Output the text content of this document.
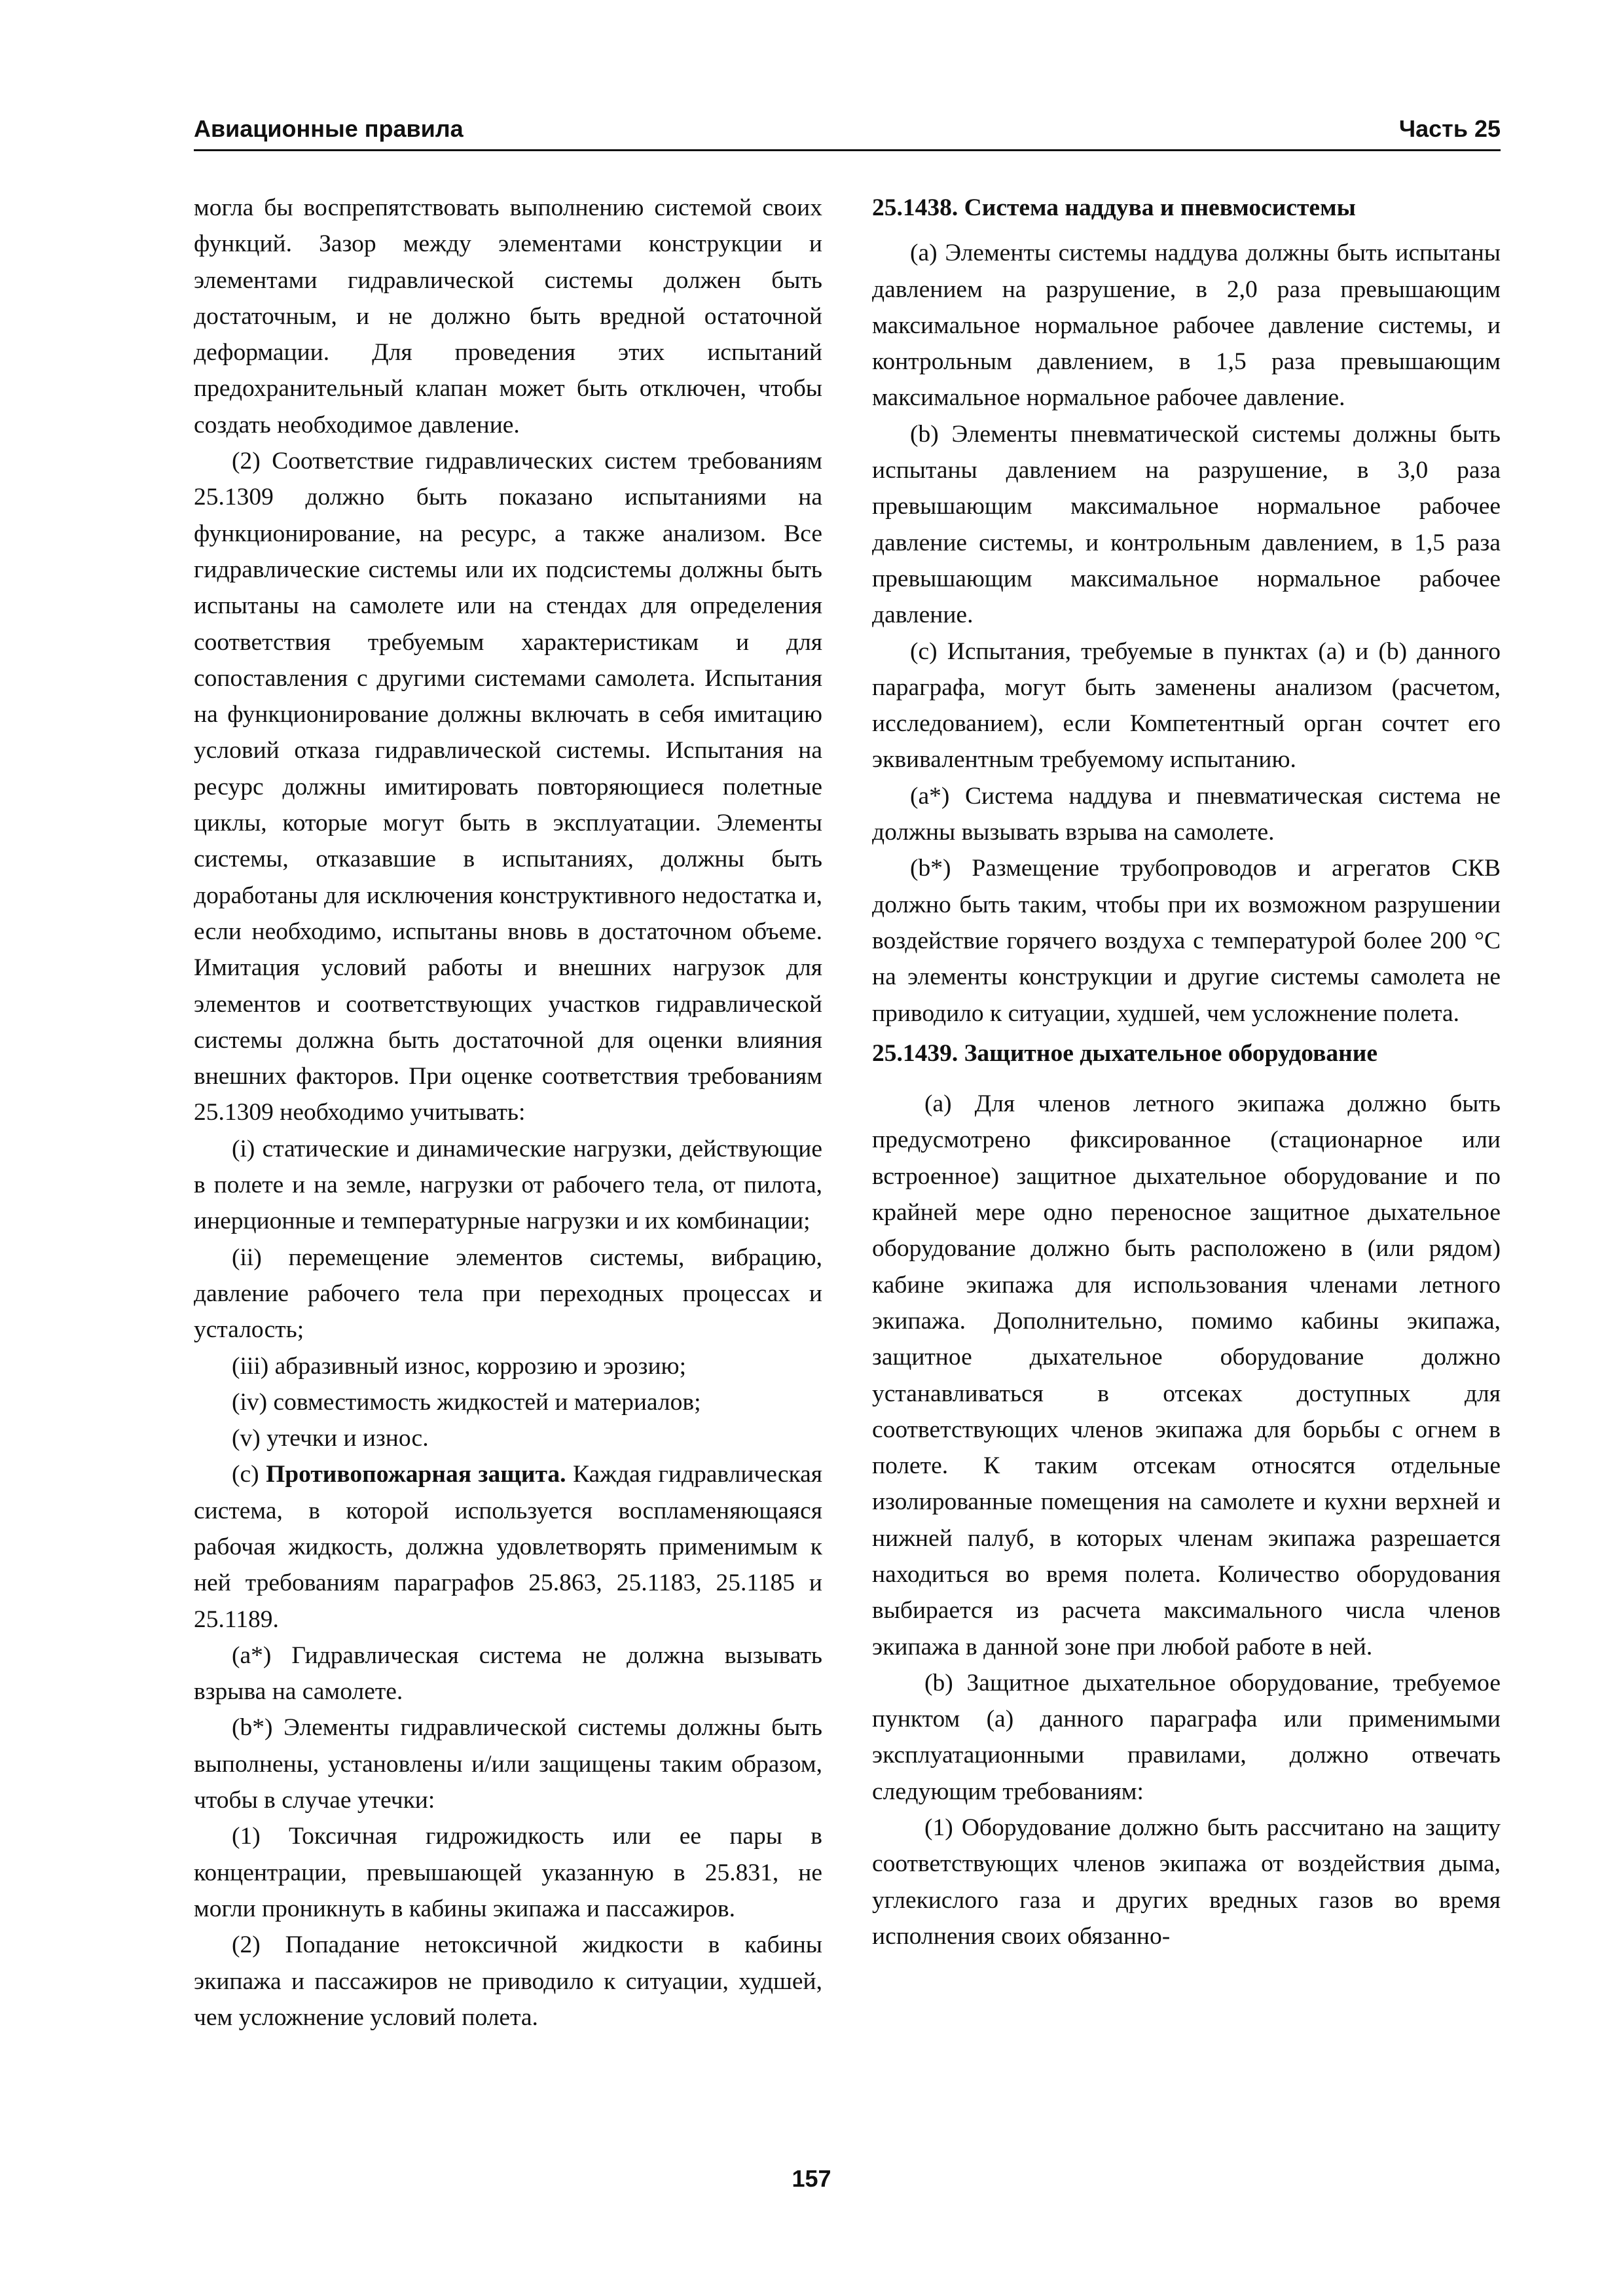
Авиационные правила	Часть 25

могла бы воспрепятствовать выполнению системой своих функций. Зазор между элементами конструкции и элементами гидравлической системы должен быть достаточным, и не должно быть вредной остаточной деформации. Для проведения этих испытаний предохранительный клапан может быть отключен, чтобы создать необходимое давление.

(2) Соответствие гидравлических систем требованиям 25.1309 должно быть показано испытаниями на функционирование, на ресурс, а также анализом. Все гидравлические системы или их подсистемы должны быть испытаны на самолете или на стендах для определения соответствия требуемым характеристикам и для сопоставления с другими системами самолета. Испытания на функционирование должны включать в себя имитацию условий отказа гидравлической системы. Испытания на ресурс должны имитировать повторяющиеся полетные циклы, которые могут быть в эксплуатации. Элементы системы, отказавшие в испытаниях, должны быть доработаны для исключения конструктивного недостатка и, если необходимо, испытаны вновь в достаточном объеме. Имитация условий работы и внешних нагрузок для элементов и соответствующих участков гидравлической системы должна быть достаточной для оценки влияния внешних факторов. При оценке соответствия требованиям 25.1309 необходимо учитывать:

(i) статические и динамические нагрузки, действующие в полете и на земле, нагрузки от рабочего тела, от пилота, инерционные и температурные нагрузки и их комбинации;

(ii) перемещение элементов системы, вибрацию, давление рабочего тела при переходных процессах и усталость;

(iii) абразивный износ, коррозию и эрозию;

(iv) совместимость жидкостей и материалов;

(v) утечки и износ.

(c) Противопожарная защита. Каждая гидравлическая система, в которой используется воспламеняющаяся рабочая жидкость, должна удовлетворять применимым к ней требованиям параграфов 25.863, 25.1183, 25.1185 и 25.1189.

(a*) Гидравлическая система не должна вызывать взрыва на самолете.

(b*) Элементы гидравлической системы должны быть выполнены, установлены и/или защищены таким образом, чтобы в случае утечки:

(1) Токсичная гидрожидкость или ее пары в концентрации, превышающей указанную в 25.831, не могли проникнуть в кабины экипажа и пассажиров.

(2) Попадание нетоксичной жидкости в кабины экипажа и пассажиров не приводило к ситуации, худшей, чем усложнение условий полета.

25.1438. Система наддува и пневмосистемы

(a) Элементы системы наддува должны быть испытаны давлением на разрушение, в 2,0 раза превышающим максимальное нормальное рабочее давление системы, и контрольным давлением, в 1,5 раза превышающим максимальное нормальное рабочее давление.

(b) Элементы пневматической системы должны быть испытаны давлением на разрушение, в 3,0 раза превышающим максимальное нормальное рабочее давление системы, и контрольным давлением, в 1,5 раза превышающим максимальное нормальное рабочее давление.

(c) Испытания, требуемые в пунктах (a) и (b) данного параграфа, могут быть заменены анализом (расчетом, исследованием), если Компетентный орган сочтет его эквивалентным требуемому испытанию.

(a*) Система наддува и пневматическая система не должны вызывать взрыва на самолете.

(b*) Размещение трубопроводов и агрегатов СКВ должно быть таким, чтобы при их возможном разрушении воздействие горячего воздуха с температурой более 200 °С на элементы конструкции и другие системы самолета не приводило к ситуации, худшей, чем усложнение полета.

25.1439. Защитное дыхательное оборудование

(a) Для членов летного экипажа должно быть предусмотрено фиксированное (стационарное или встроенное) защитное дыхательное оборудование и по крайней мере одно переносное защитное дыхательное оборудование должно быть расположено в (или рядом) кабине экипажа для использования членами летного экипажа. Дополнительно, помимо кабины экипажа, защитное дыхательное оборудование должно устанавливаться в отсеках доступных для соответствующих членов экипажа для борьбы с огнем в полете. К таким отсекам относятся отдельные изолированные помещения на самолете и кухни верхней и нижней палуб, в которых членам экипажа разрешается находиться во время полета. Количество оборудования выбирается из расчета максимального числа членов экипажа в данной зоне при любой работе в ней.

(b) Защитное дыхательное оборудование, требуемое пунктом (a) данного параграфа или применимыми эксплуатационными правилами, должно отвечать следующим требованиям:

(1) Оборудование должно быть рассчитано на защиту соответствующих членов экипажа от воздействия дыма, углекислого газа и других вредных газов во время исполнения своих обязанно-

157
